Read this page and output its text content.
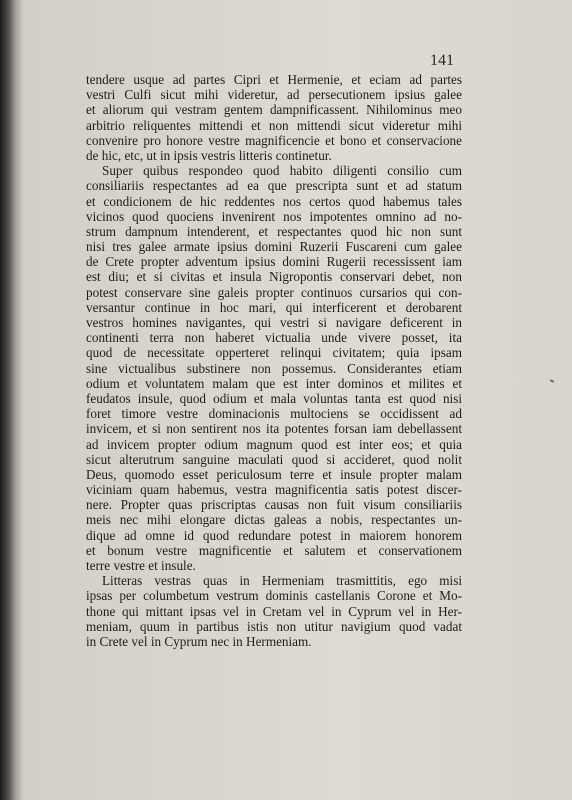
141
tendere usque ad partes Cipri et Hermenie, et eciam ad partes
vestri Culfi sicut mihi videretur, ad persecutionem ipsius galee
et aliorum qui vestram gentem dampnificassent. Nihilominus meo
arbitrio reliquentes mittendi et non mittendi sicut videretur mihi
convenire pro honore vestre magnificencie et bono et conservacione
de hic, etc, ut in ipsis vestris litteris continetur.
Super quibus respondeo quod habito diligenti consilio cum
consiliariis respectantes ad ea que prescripta sunt et ad statum
et condicionem de hic reddentes nos certos quod habemus tales
vicinos quod quociens invenirent nos impotentes omnino ad no-
strum dampnum intenderent, et respectantes quod hic non sunt
nisi tres galee armate ipsius domini Ruzerii Fuscareni cum galee
de Crete propter adventum ipsius domini Rugerii recessissent iam
est diu; et si civitas et insula Nigropontis conservari debet, non
potest conservare sine galeis propter continuos cursarios qui con-
versantur continue in hoc mari, qui interficerent et derobarent
vestros homines navigantes, qui vestri si navigare deficerent in
continenti terra non haberet victualia unde vivere posset, ita
quod de necessitate opperteret relinqui civitatem; quia ipsam
sine victualibus substinere non possemus. Considerantes etiam
odium et voluntatem malam que est inter dominos et milites et
feudatos insule, quod odium et mala voluntas tanta est quod nisi
foret timore vestre dominacionis multociens se occidissent ad
invicem, et si non sentirent nos ita potentes forsan iam debellassent
ad invicem propter odium magnum quod est inter eos; et quia
sicut alterutrum sanguine maculati quod si accideret, quod nolit
Deus, quomodo esset periculosum terre et insule propter malam
viciniam quam habemus, vestra magnificentia satis potest discer-
nere. Propter quas priscriptas causas non fuit visum consiliariis
meis nec mihi elongare dictas galeas a nobis, respectantes un-
dique ad omne id quod redundare potest in maiorem honorem
et bonum vestre magnificentie et salutem et conservationem
terre vestre et insule.
Litteras vestras quas in Hermeniam trasmittitis, ego misi
ipsas per columbetum vestrum dominis castellanis Corone et Mo-
thone qui mittant ipsas vel in Cretam vel in Cyprum vel in Her-
meniam, quum in partibus istis non utitur navigium quod vadat
in Crete vel in Cyprum nec in Hermeniam.
